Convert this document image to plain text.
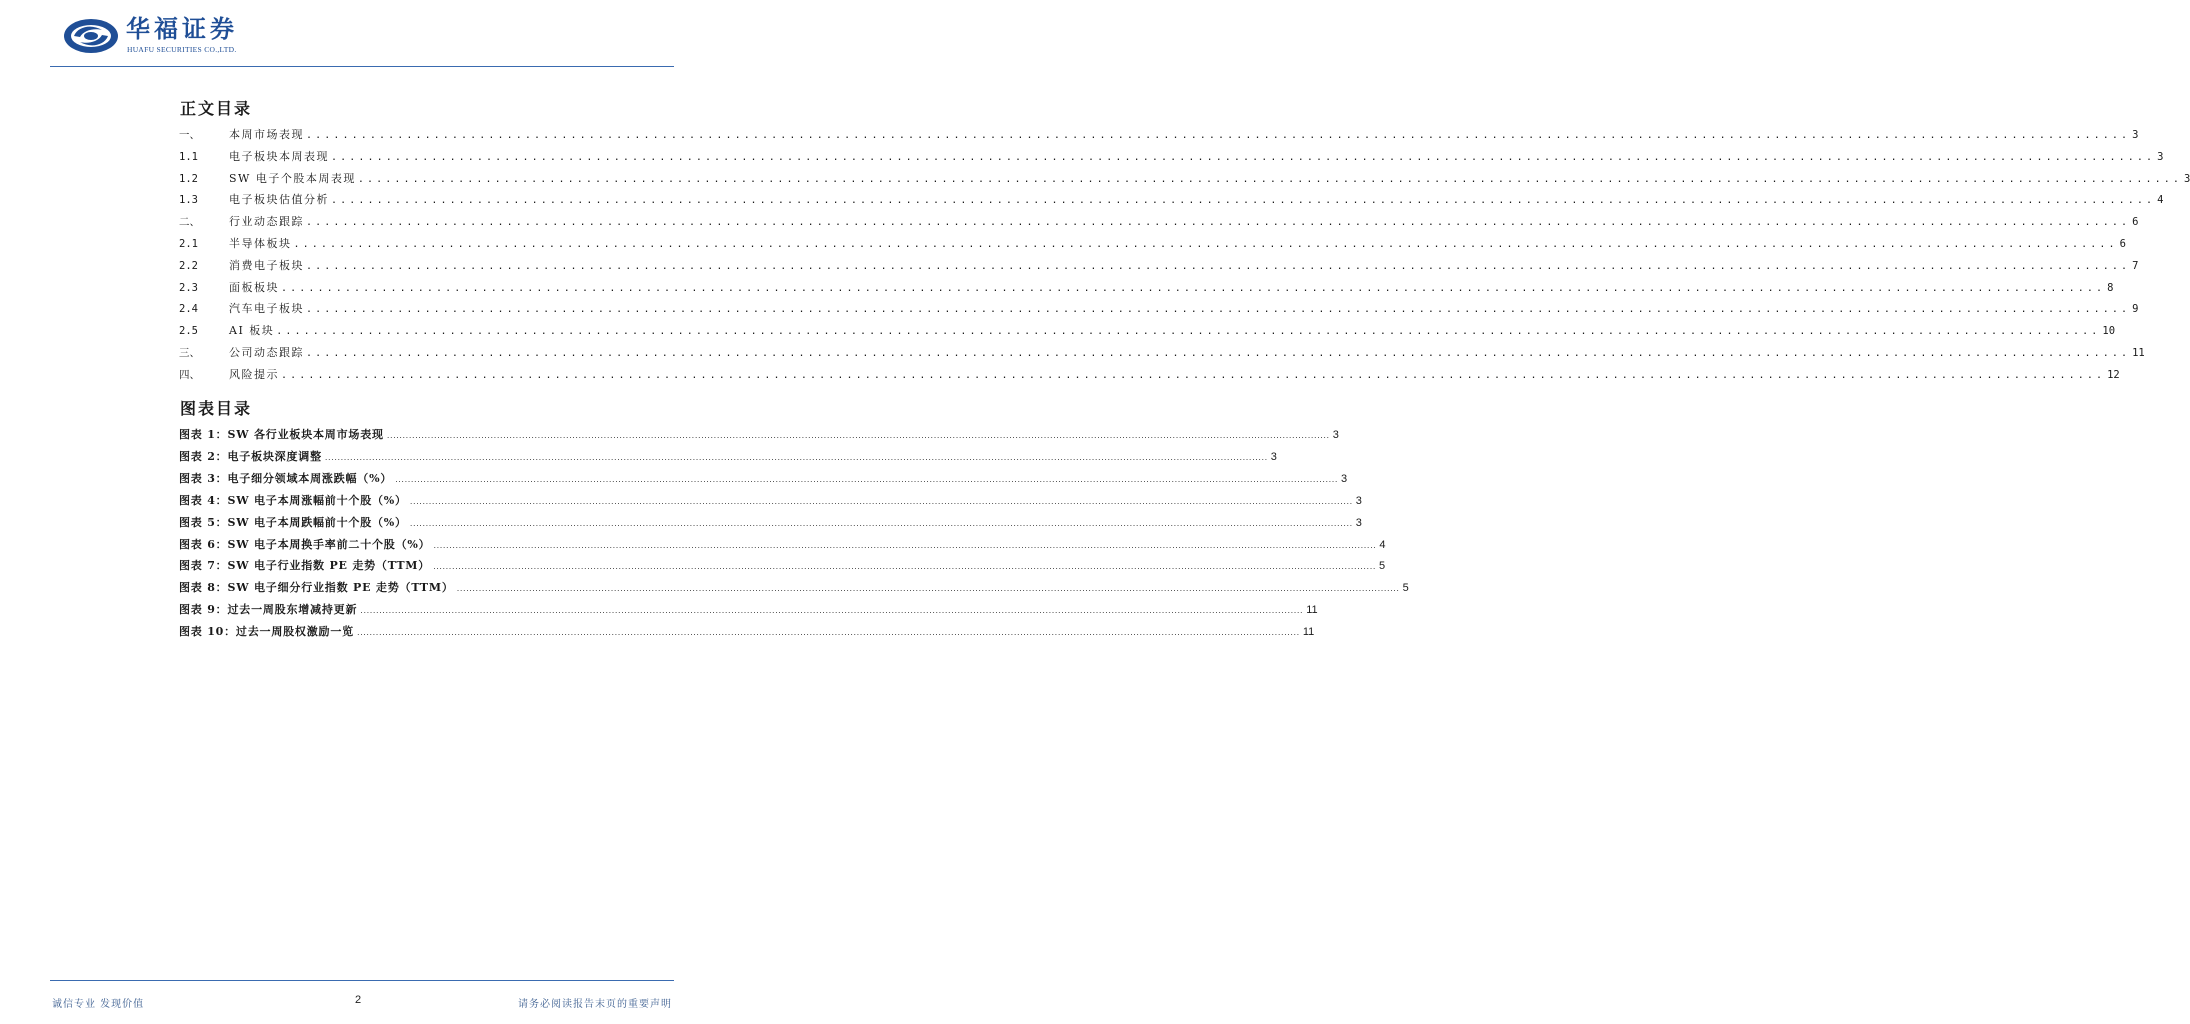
华福证券
HUAFU SECURITIES CO.,LTD.
正文目录
一、	本周市场表现 ........................................................................................................................................................................................................ 3
1.1	电子板块本周表现 ........................................................................................................................................................................................................ 3
1.2	SW 电子个股本周表现 ........................................................................................................................................................................................................ 3
1.3	电子板块估值分析 ........................................................................................................................................................................................................ 4
二、	行业动态跟踪 ........................................................................................................................................................................................................ 6
2.1	半导体板块 ........................................................................................................................................................................................................ 6
2.2	消费电子板块 ........................................................................................................................................................................................................ 7
2.3	面板板块 ........................................................................................................................................................................................................ 8
2.4	汽车电子板块 ........................................................................................................................................................................................................ 9
2.5	AI 板块 ........................................................................................................................................................................................................ 10
三、	公司动态跟踪 ........................................................................................................................................................................................................ 11
四、	风险提示 ........................................................................................................................................................................................................ 12
图表目录
图表 1：SW 各行业板块本周市场表现 ............................................................................................................................................................................................................................................................................................................ 3
图表 2：电子板块深度调整 ............................................................................................................................................................................................................................................................................................................ 3
图表 3：电子细分领域本周涨跌幅（%） ............................................................................................................................................................................................................................................................................................................ 3
图表 4：SW 电子本周涨幅前十个股（%） ............................................................................................................................................................................................................................................................................................................ 3
图表 5：SW 电子本周跌幅前十个股（%） ............................................................................................................................................................................................................................................................................................................ 3
图表 6：SW 电子本周换手率前二十个股（%） ............................................................................................................................................................................................................................................................................................................ 4
图表 7：SW 电子行业指数 PE 走势（TTM） ............................................................................................................................................................................................................................................................................................................ 5
图表 8：SW 电子细分行业指数 PE 走势（TTM） ............................................................................................................................................................................................................................................................................................................ 5
图表 9：过去一周股东增减持更新 ............................................................................................................................................................................................................................................................................................................ 11
图表 10：过去一周股权激励一览 ............................................................................................................................................................................................................................................................................................................ 11
诚信专业 发现价值	2	请务必阅读报告末页的重要声明
